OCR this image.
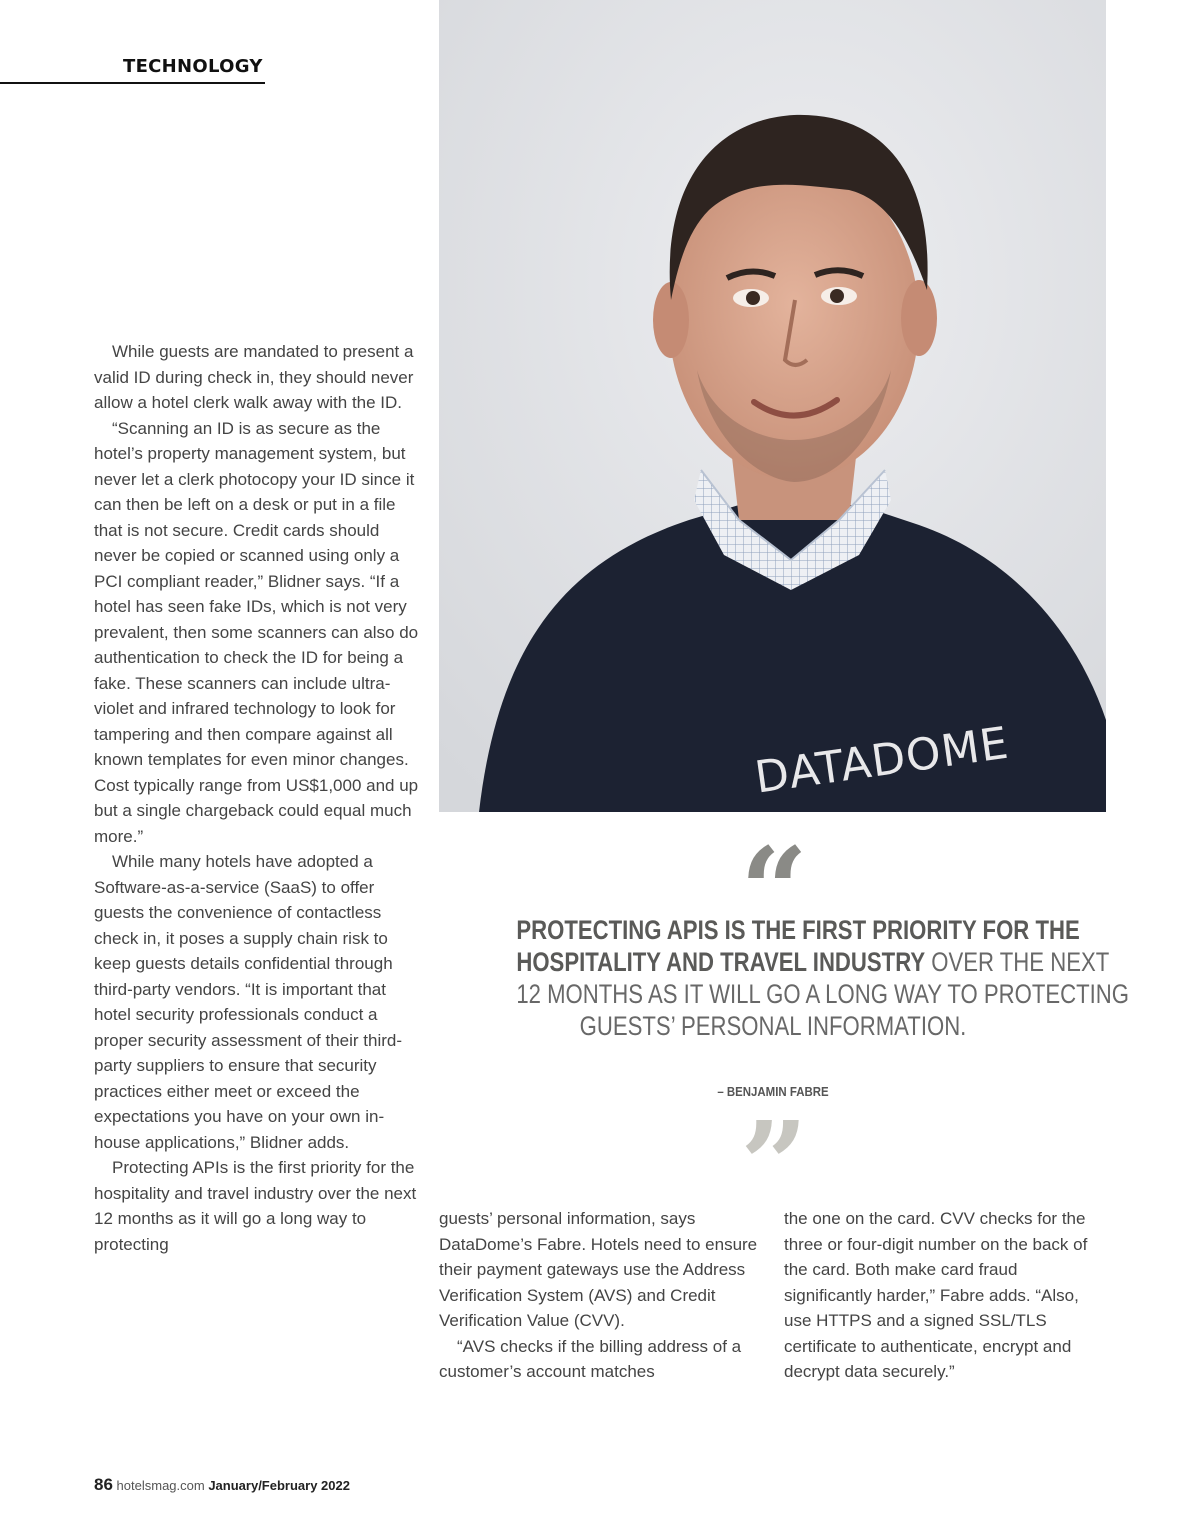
TECHNOLOGY
DATADOME

While guests are mandated to present a valid ID during check in, they should never allow a hotel clerk walk away with the ID.

“Scanning an ID is as secure as the hotel’s property management system, but never let a clerk photocopy your ID since it can then be left on a desk or put in a file that is not secure. Credit cards should never be copied or scanned using only a PCI compliant reader,” Blidner says. “If a hotel has seen fake IDs, which is not very prevalent, then some scanners can also do authentication to check the ID for being a fake. These scanners can include ultra-violet and infrared technology to look for tampering and then compare against all known templates for even minor changes. Cost typically range from US$1,000 and up but a single chargeback could equal much more.”

While many hotels have adopted a Software-as-a-service (SaaS) to offer guests the convenience of contactless check in, it poses a supply chain risk to keep guests details confidential through third-party vendors. “It is important that hotel security professionals conduct a proper security assessment of their third-party suppliers to ensure that security practices either meet or exceed the expectations you have on your own in-house applications,” Blidner adds.

Protecting APIs is the first priority for the hospitality and travel industry over the next 12 months as it will go a long way to protecting

“
PROTECTING APIS IS THE FIRST PRIORITY FOR THE
HOSPITALITY AND TRAVEL INDUSTRY OVER THE NEXT
12 MONTHS AS IT WILL GO A LONG WAY TO PROTECTING
GUESTS’ PERSONAL INFORMATION.
– BENJAMIN FABRE
”

guests’ personal information, says DataDome’s Fabre. Hotels need to ensure their payment gateways use the Address Verification System (AVS) and Credit Verification Value (CVV).

“AVS checks if the billing address of a customer’s account matches

the one on the card. CVV checks for the three or four-digit number on the back of the card. Both make card fraud significantly harder,” Fabre adds. “Also, use HTTPS and a signed SSL/TLS certificate to authenticate, encrypt and decrypt data securely.”

86 hotelsmag.com January/February 2022
